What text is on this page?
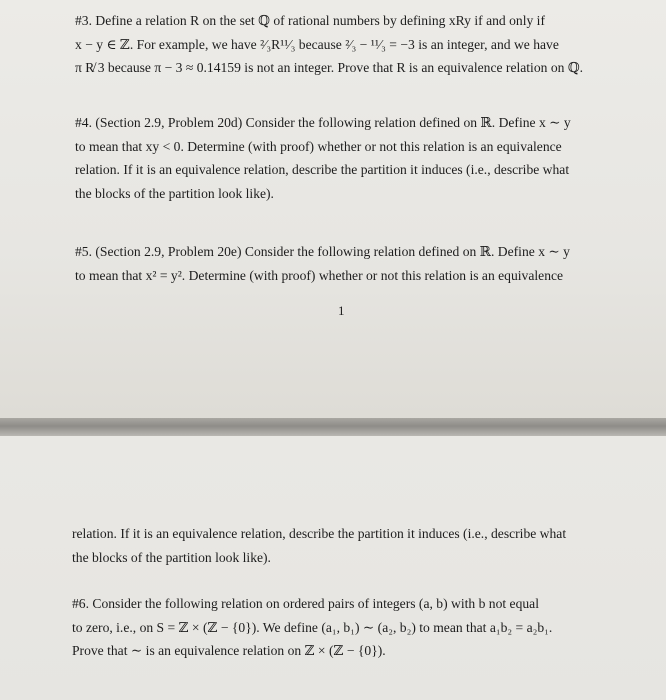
#3. Define a relation R on the set ℚ of rational numbers by defining xRy if and only if
x − y ∈ ℤ. For example, we have ²⁄₃R¹¹⁄₃ because ²⁄₃ − ¹¹⁄₃ = −3 is an integer, and we have
π R̸ 3 because π − 3 ≈ 0.14159 is not an integer. Prove that R is an equivalence relation on ℚ.

#4. (Section 2.9, Problem 20d) Consider the following relation defined on ℝ. Define x ∼ y
to mean that xy < 0. Determine (with proof) whether or not this relation is an equivalence
relation. If it is an equivalence relation, describe the partition it induces (i.e., describe what
the blocks of the partition look like).

#5. (Section 2.9, Problem 20e) Consider the following relation defined on ℝ. Define x ∼ y
to mean that x² = y². Determine (with proof) whether or not this relation is an equivalence

1

relation. If it is an equivalence relation, describe the partition it induces (i.e., describe what
the blocks of the partition look like).

#6. Consider the following relation on ordered pairs of integers (a, b) with b not equal
to zero, i.e., on S = ℤ × (ℤ − {0}). We define (a₁, b₁) ∼ (a₂, b₂) to mean that a₁b₂ = a₂b₁.
Prove that ∼ is an equivalence relation on ℤ × (ℤ − {0}).
